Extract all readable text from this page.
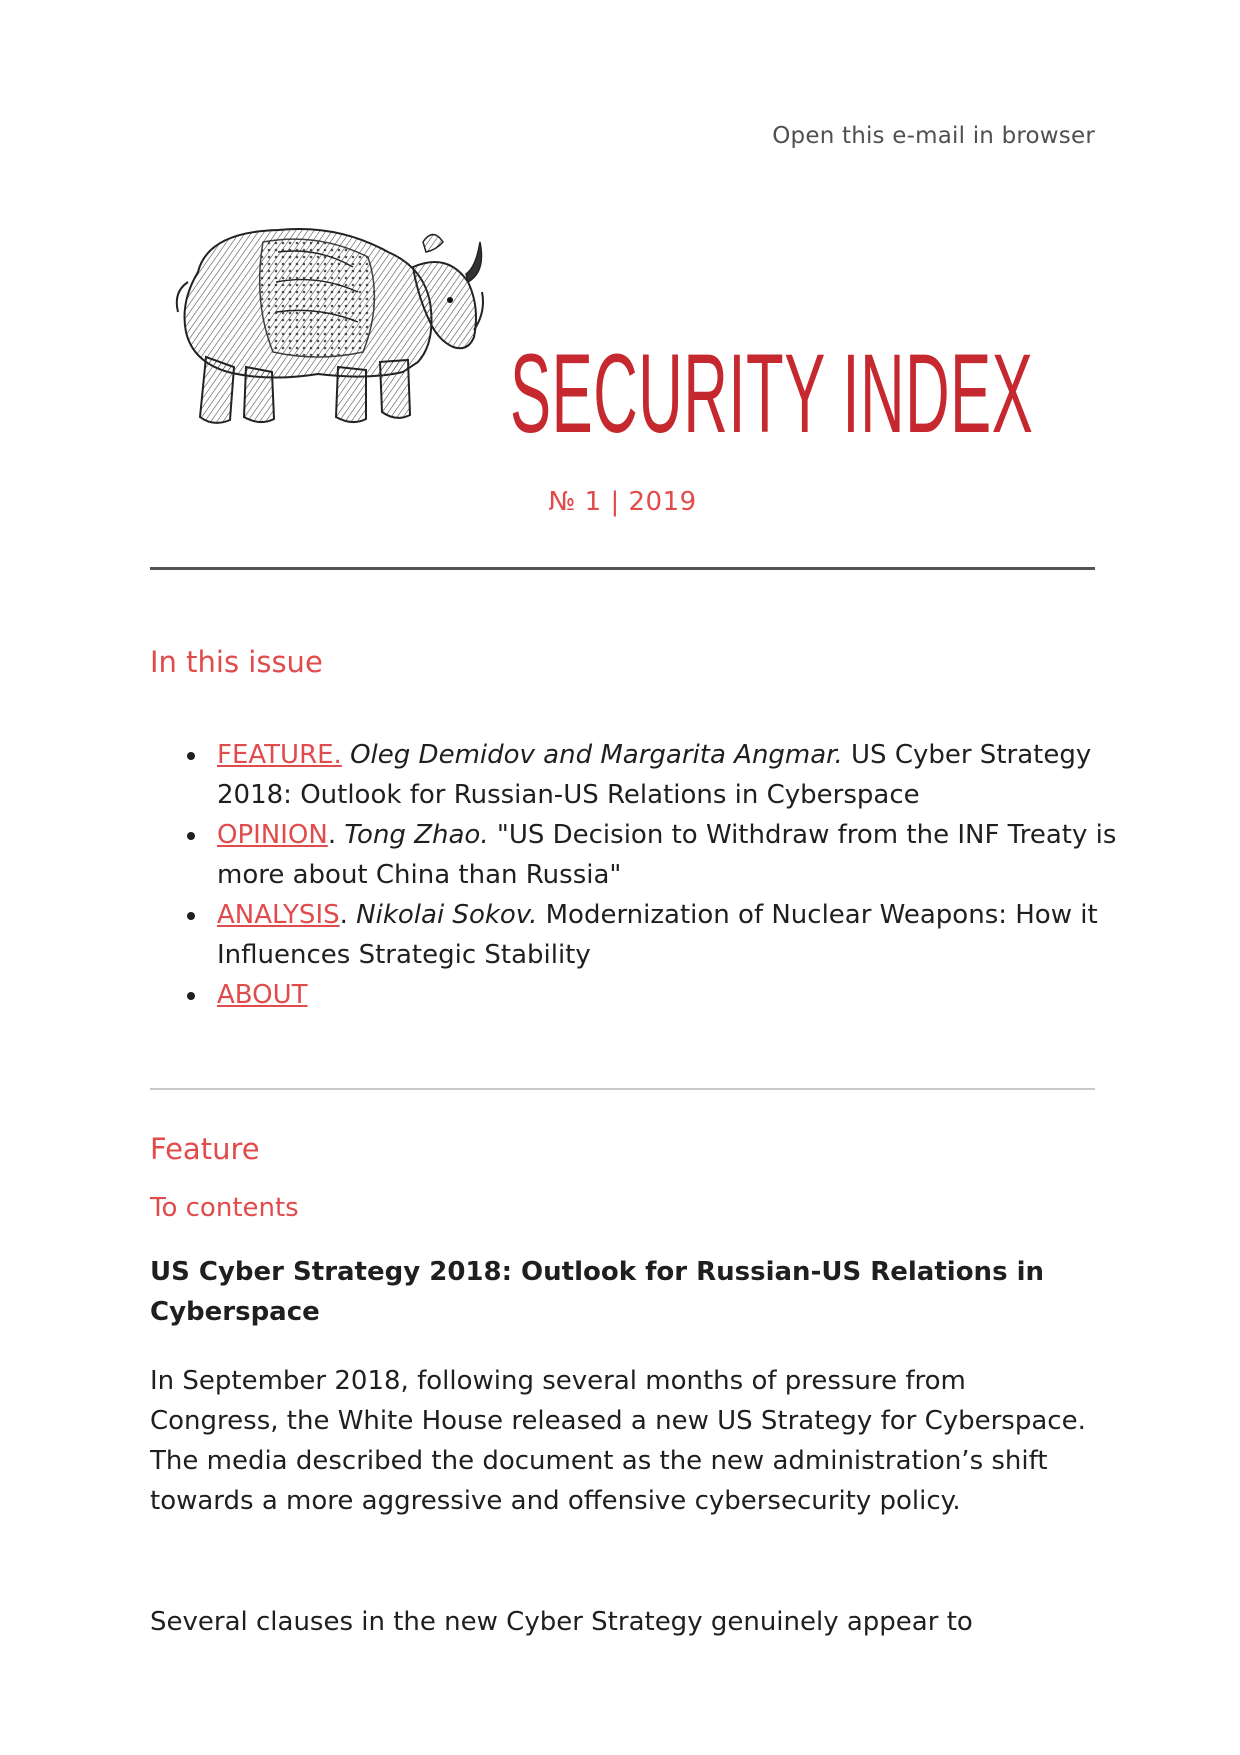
Open this e-mail in browser
SECURITY INDEX
№ 1 | 2019
In this issue
FEATURE. Oleg Demidov and Margarita Angmar. US Cyber Strategy 2018: Outlook for Russian-US Relations in Cyberspace
OPINION. Tong Zhao. "US Decision to Withdraw from the INF Treaty is more about China than Russia"
ANALYSIS. Nikolai Sokov. Modernization of Nuclear Weapons: How it Influences Strategic Stability
ABOUT
Feature
To contents
US Cyber Strategy 2018: Outlook for Russian-US Relations in Cyberspace

In September 2018, following several months of pressure from Congress, the White House released a new US Strategy for Cyberspace. The media described the document as the new administration’s shift towards a more aggressive and offensive cybersecurity policy.

Several clauses in the new Cyber Strategy genuinely appear to
